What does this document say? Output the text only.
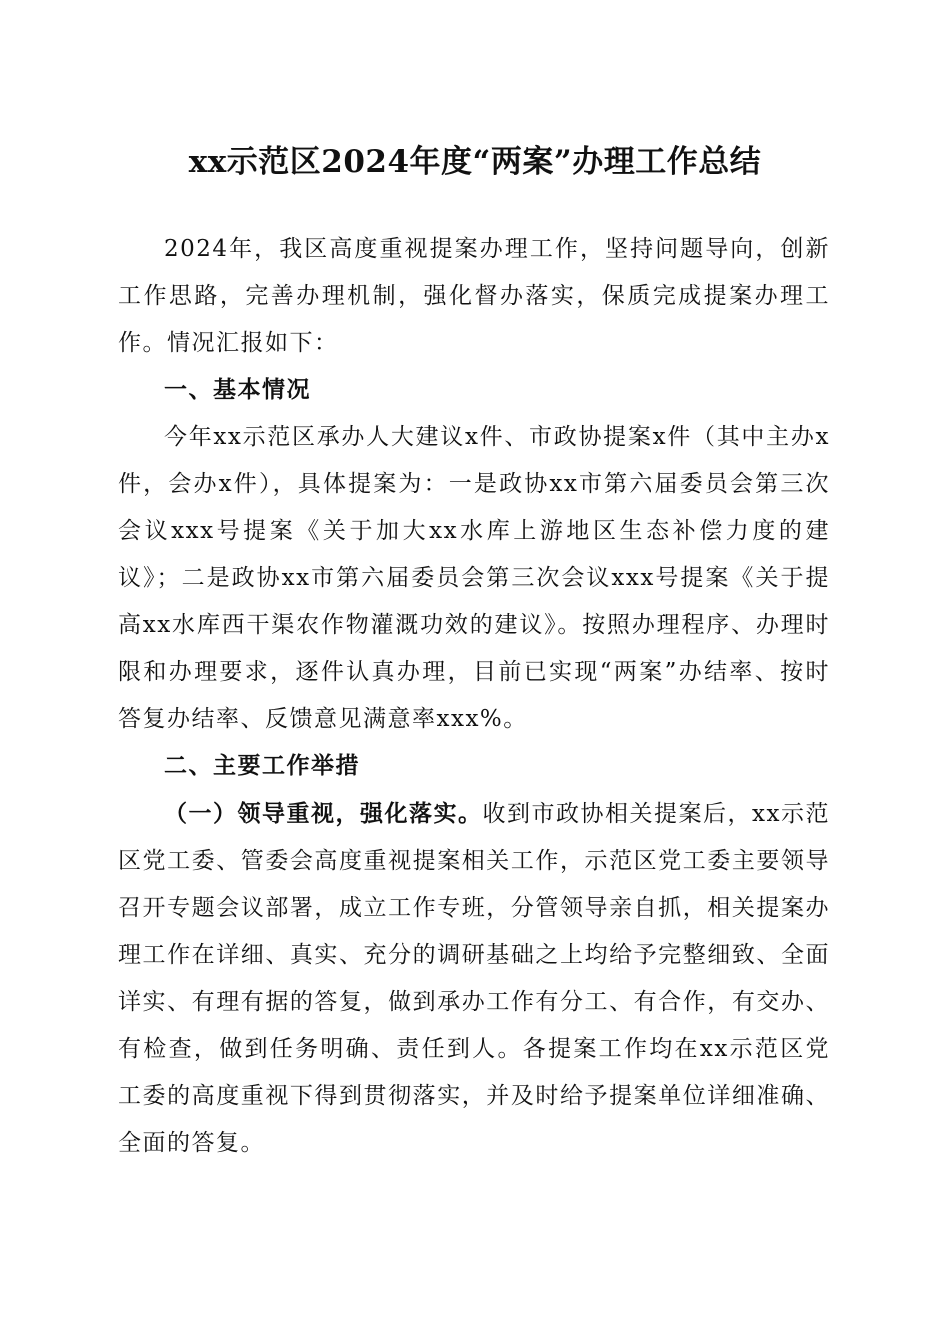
xx示范区2024年度“两案”办理工作总结

2024年，我区高度重视提案办理工作，坚持问题导向，创新工作思路，完善办理机制，强化督办落实，保质完成提案办理工作。情况汇报如下：

一、基本情况

今年xx示范区承办人大建议x件、市政协提案x件（其中主办x件，会办x件），具体提案为：一是政协xx市第六届委员会第三次会议xxx号提案《关于加大xx水库上游地区生态补偿力度的建议》；二是政协xx市第六届委员会第三次会议xxx号提案《关于提高xx水库西干渠农作物灌溉功效的建议》。按照办理程序、办理时限和办理要求，逐件认真办理，目前已实现“两案”办结率、按时答复办结率、反馈意见满意率xxx%。

二、主要工作举措

（一）领导重视，强化落实。收到市政协相关提案后，xx示范区党工委、管委会高度重视提案相关工作，示范区党工委主要领导召开专题会议部署，成立工作专班，分管领导亲自抓，相关提案办理工作在详细、真实、充分的调研基础之上均给予完整细致、全面详实、有理有据的答复，做到承办工作有分工、有合作，有交办、有检查，做到任务明确、责任到人。各提案工作均在xx示范区党工委的高度重视下得到贯彻落实，并及时给予提案单位详细准确、全面的答复。
